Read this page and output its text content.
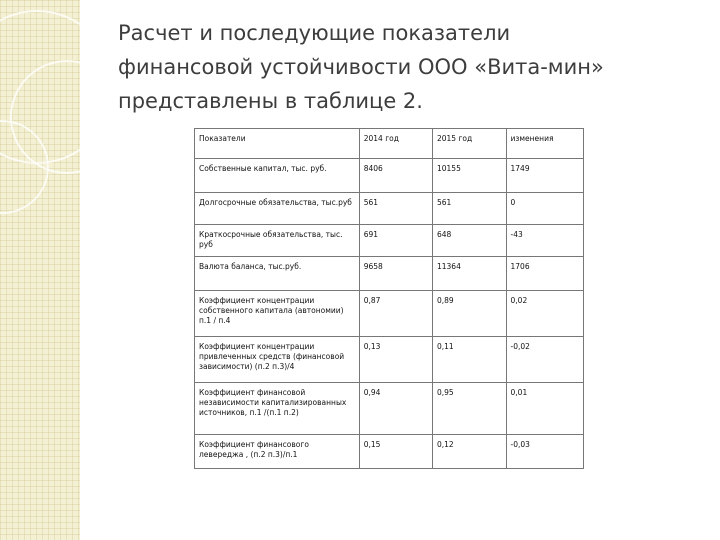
Расчет и последующие показатели
финансовой устойчивости ООО «Вита-мин»
представлены в таблице 2.
Показатели	2014 год	2015 год	изменения
Собственные капитал, тыс. руб.	8406	10155	1749
Долгосрочные обязательства, тыс.руб	561	561	0
Краткосрочные обязательства, тыс. руб	691	648	-43
Валюта баланса, тыс.руб.	9658	11364	1706
Коэффициент концентрации собственного капитала (автономии) п.1 / п.4	0,87	0,89	0,02
Коэффициент концентрации привлеченных средств (финансовой зависимости) (п.2 п.3)/4	0,13	0,11	-0,02
Коэффициент финансовой независимости капитализированных источников, п.1 /(п.1 п.2)	0,94	0,95	0,01
Коэффициент финансового левереджа , (п.2 п.3)/п.1	0,15	0,12	-0,03
